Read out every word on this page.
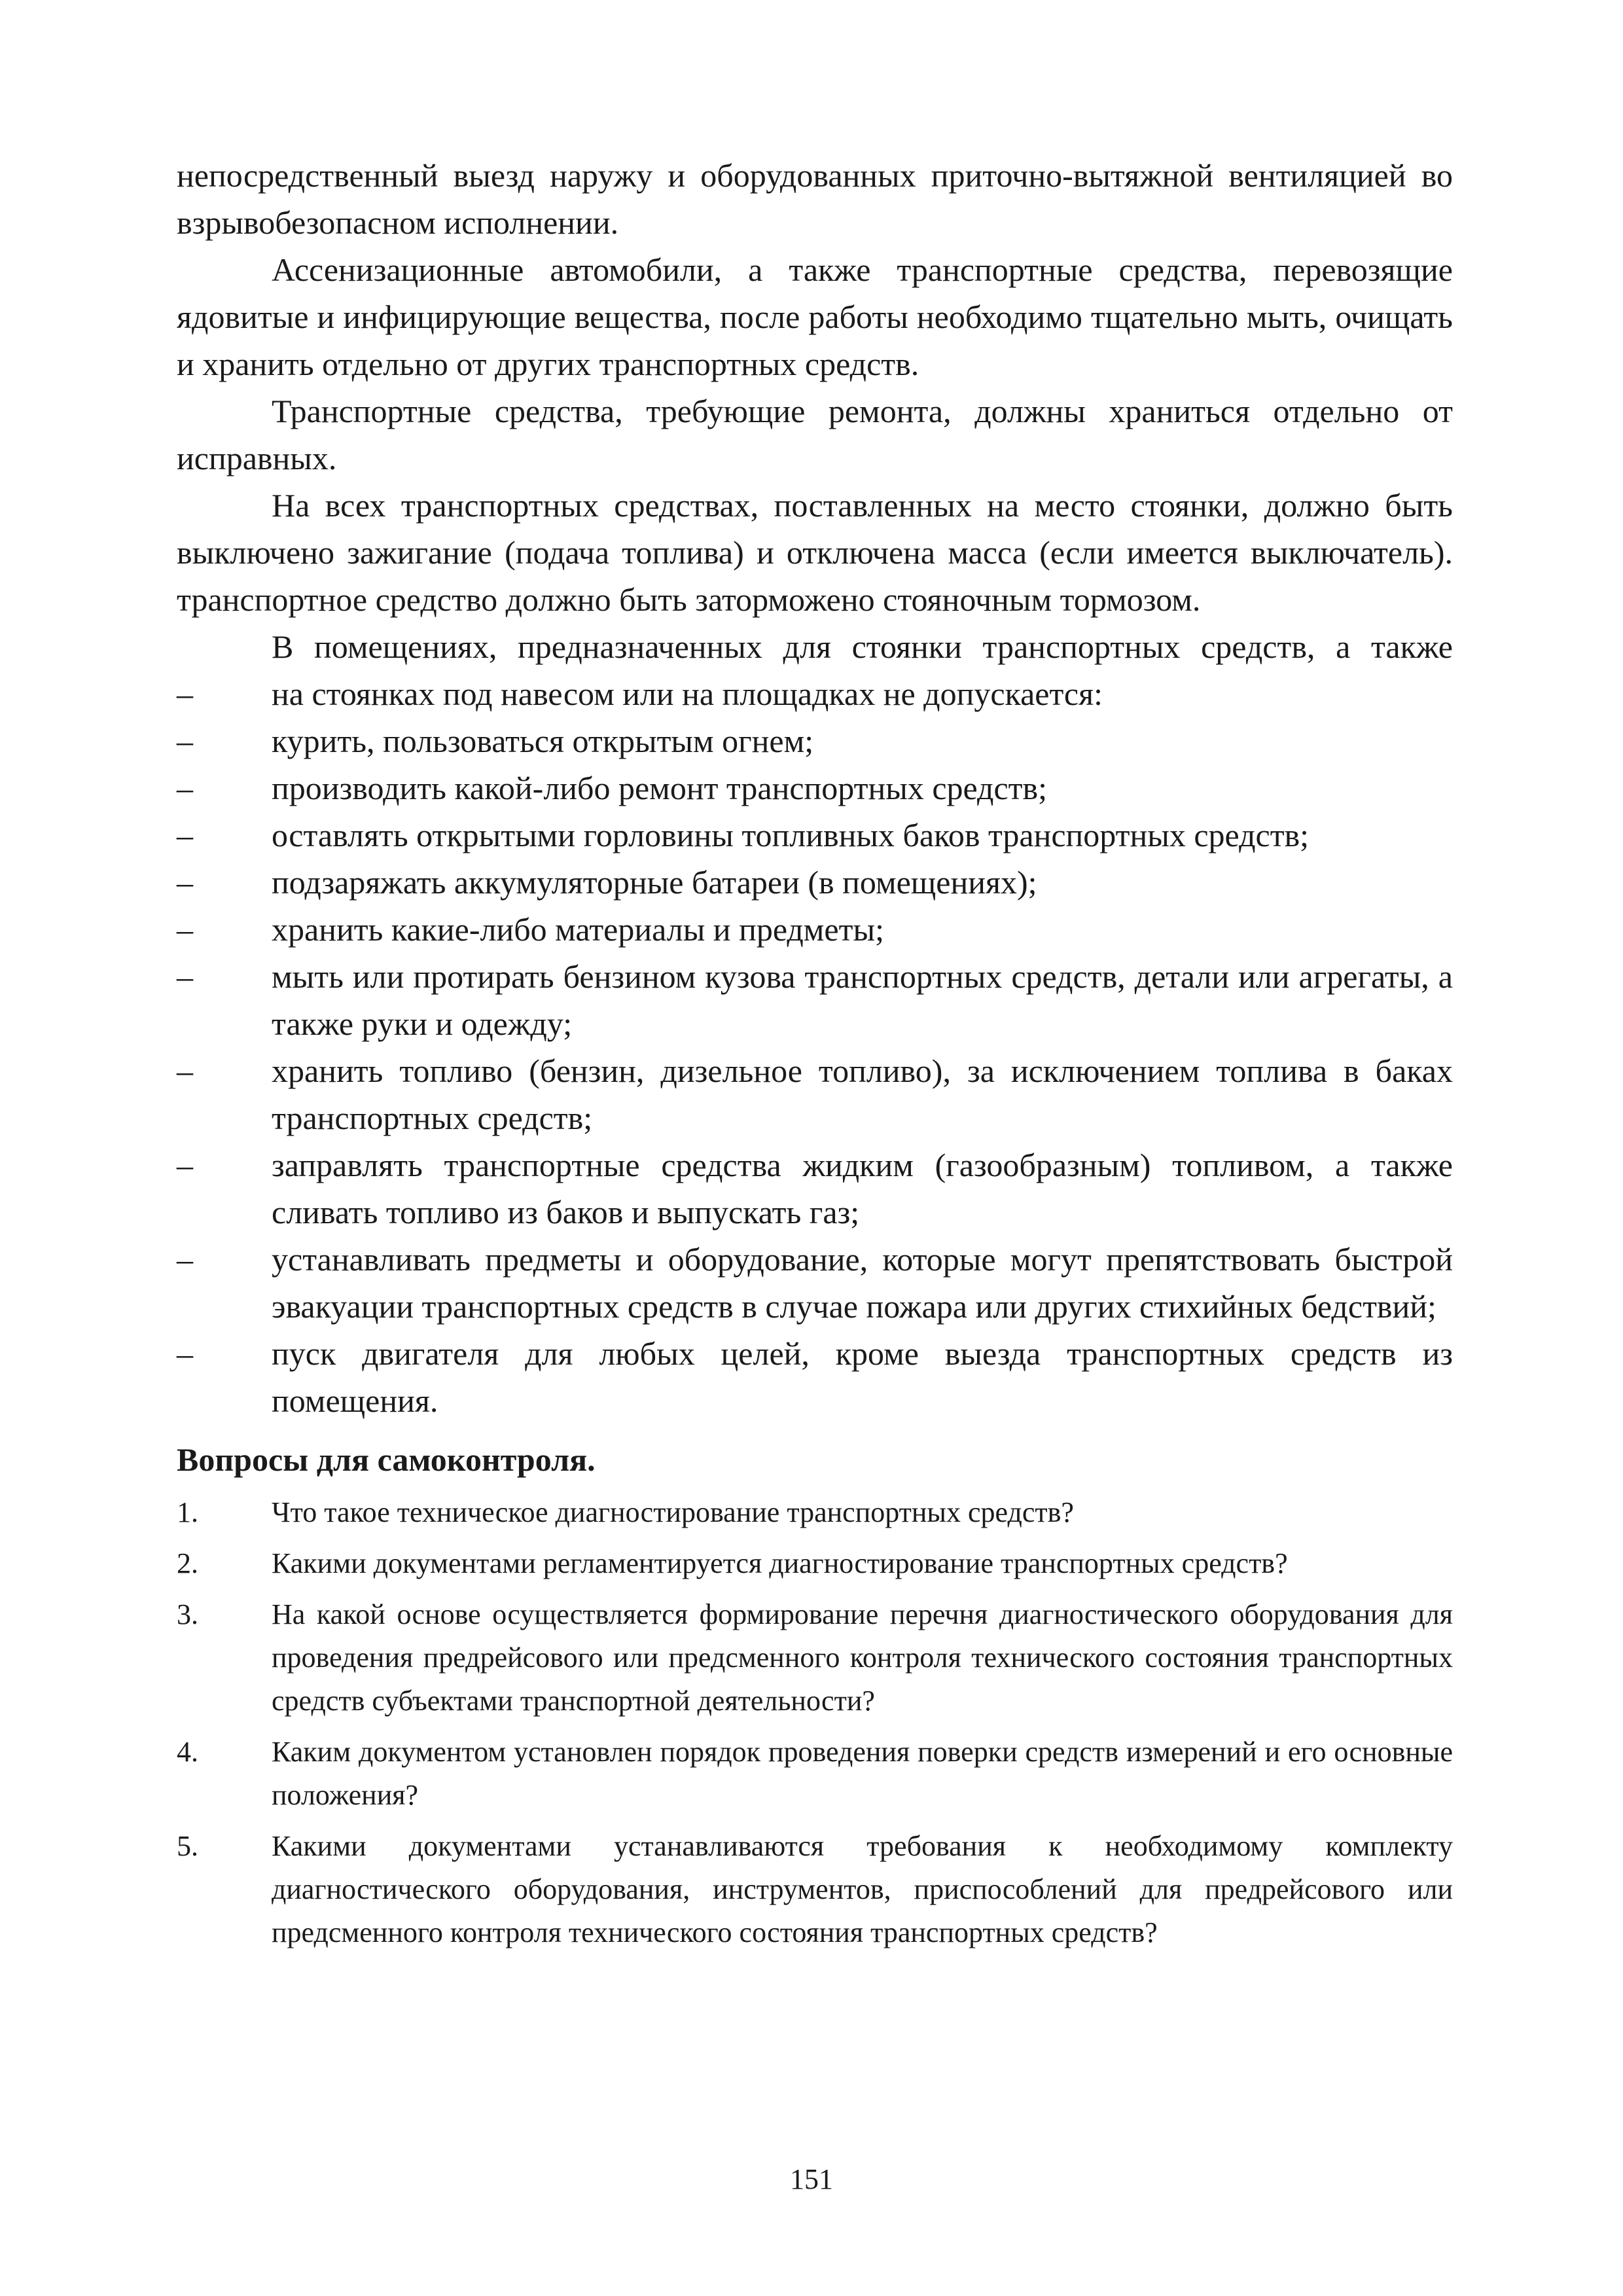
непосредственный выезд наружу и оборудованных приточно-вытяжной вентиляцией во взрывобезопасном исполнении.

Ассенизационные автомобили, а также транспортные средства, перевозящие ядовитые и инфицирующие вещества, после работы необходимо тщательно мыть, очищать и хранить отдельно от других транспортных средств.

Транспортные средства, требующие ремонта, должны храниться отдельно от исправных.

На всех транспортных средствах, поставленных на место стоянки, должно быть выключено зажигание (подача топлива) и отключена масса (если имеется выключатель). транспортное средство должно быть заторможено стояночным тормозом.

В помещениях, предназначенных для стоянки транспортных средств, а также

– на стоянках под навесом или на площадках не допускается:

– курить, пользоваться открытым огнем;

– производить какой-либо ремонт транспортных средств;

– оставлять открытыми горловины топливных баков транспортных средств;

– подзаряжать аккумуляторные батареи (в помещениях);

– хранить какие-либо материалы и предметы;

– мыть или протирать бензином кузова транспортных средств, детали или агрегаты, а также руки и одежду;

– хранить топливо (бензин, дизельное топливо), за исключением топлива в баках транспортных средств;

– заправлять транспортные средства жидким (газообразным) топливом, а также сливать топливо из баков и выпускать газ;

– устанавливать предметы и оборудование, которые могут препятствовать быстрой эвакуации транспортных средств в случае пожара или других стихийных бедствий;

– пуск двигателя для любых целей, кроме выезда транспортных средств из помещения.

Вопросы для самоконтроля.

1.	Что такое техническое диагностирование транспортных средств?

2.	Какими документами регламентируется диагностирование транспортных средств?

3.	На какой основе осуществляется формирование перечня диагностического оборудования для проведения предрейсового или предсменного контроля технического состояния транспортных средств субъектами транспортной деятельности?

4.	Каким документом установлен порядок проведения поверки средств измерений и его основные положения?

5.	Какими документами устанавливаются требования к необходимому комплекту диагностического оборудования, инструментов, приспособлений для предрейсового или предсменного контроля технического состояния транспортных средств?

151
